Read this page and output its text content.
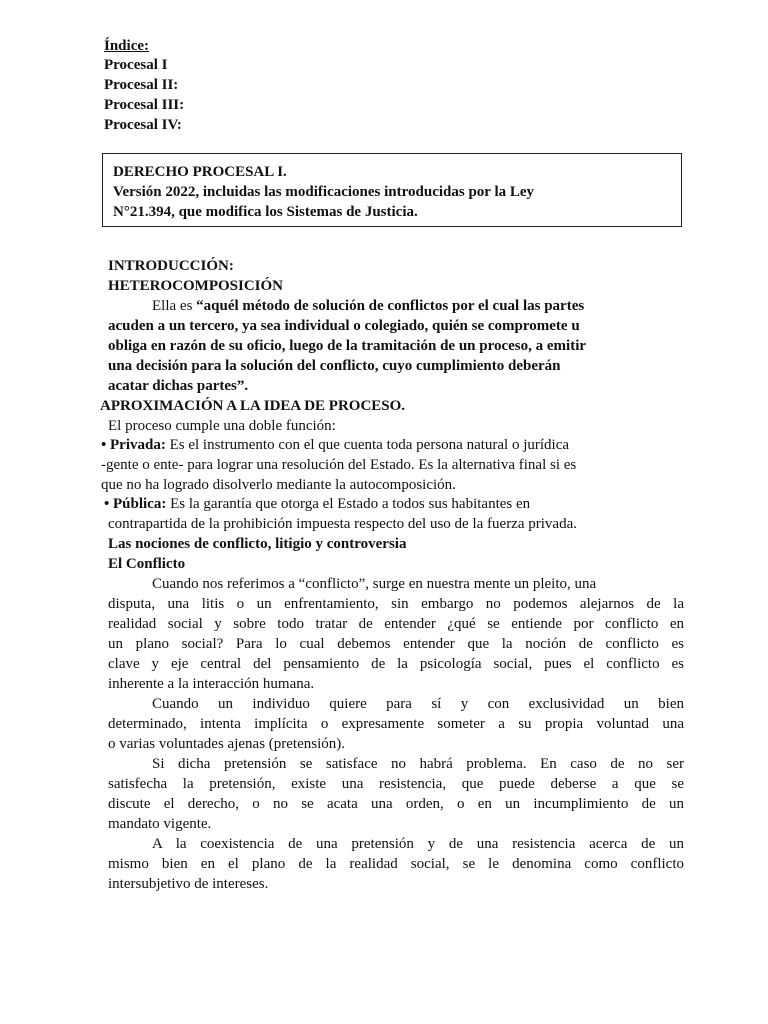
Índice:
Procesal I
Procesal II:
Procesal III:
Procesal IV:
DERECHO PROCESAL I.
Versión 2022, incluidas las modificaciones introducidas por la Ley
N°21.394, que modifica los Sistemas de Justicia.
INTRODUCCIÓN:
HETEROCOMPOSICIÓN
Ella es “aquél método de solución de conflictos por el cual las partes
acuden a un tercero, ya sea individual o colegiado, quién se compromete u
obliga en razón de su oficio, luego de la tramitación de un proceso, a emitir
una decisión para la solución del conflicto, cuyo cumplimiento deberán
acatar dichas partes”.
APROXIMACIÓN A LA IDEA DE PROCESO.
El proceso cumple una doble función:
• Privada: Es el instrumento con el que cuenta toda persona natural o jurídica
-gente o ente- para lograr una resolución del Estado. Es la alternativa final si es
que no ha logrado disolverlo mediante la autocomposición.
• Pública: Es la garantía que otorga el Estado a todos sus habitantes en
contrapartida de la prohibición impuesta respecto del uso de la fuerza privada.
Las nociones de conflicto, litigio y controversia
El Conflicto
Cuando nos referimos a “conflicto”, surge en nuestra mente un pleito, una
disputa, una litis o un enfrentamiento, sin embargo no podemos alejarnos de la
realidad social y sobre todo tratar de entender ¿qué se entiende por conflicto en
un plano social? Para lo cual debemos entender que la noción de conflicto es
clave y eje central del pensamiento de la psicología social, pues el conflicto es
inherente a la interacción humana.
Cuando un individuo quiere para sí y con exclusividad un bien
determinado, intenta implícita o expresamente someter a su propia voluntad una
o varias voluntades ajenas (pretensión).
Si dicha pretensión se satisface no habrá problema. En caso de no ser
satisfecha la pretensión, existe una resistencia, que puede deberse a que se
discute el derecho, o no se acata una orden, o en un incumplimiento de un
mandato vigente.
A la coexistencia de una pretensión y de una resistencia acerca de un
mismo bien en el plano de la realidad social, se le denomina como conflicto
intersubjetivo de intereses.
